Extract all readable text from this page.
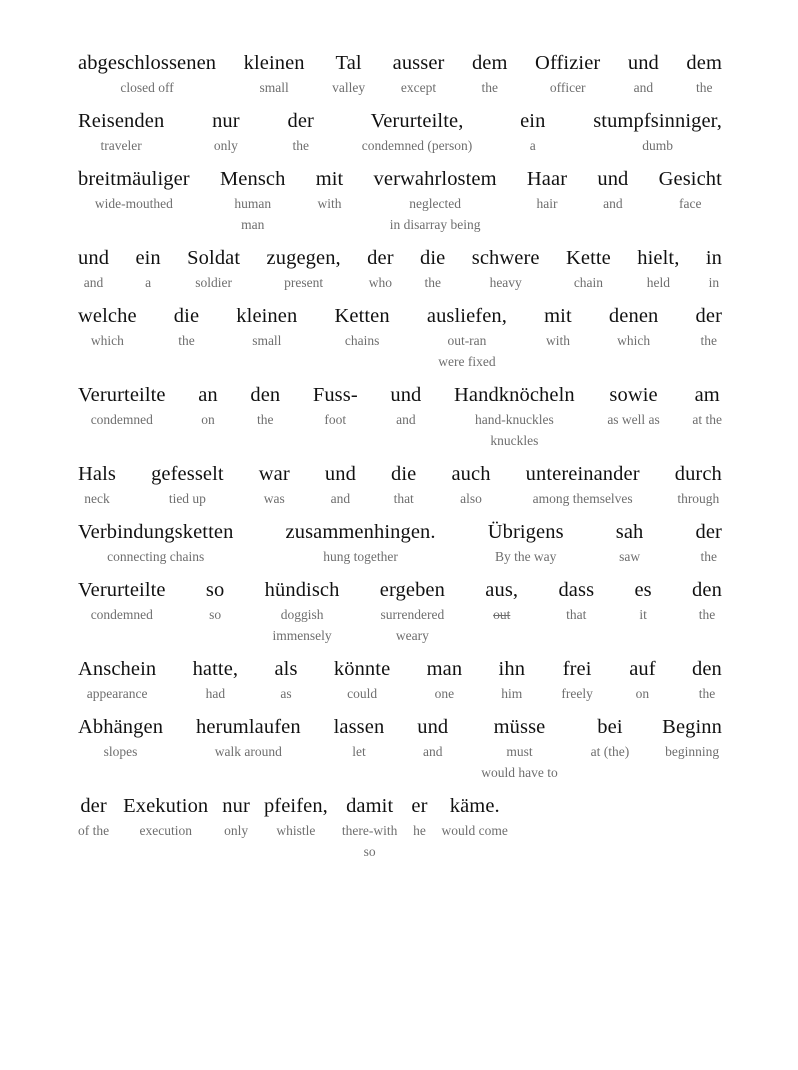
abgeschlossenen
closed off
kleinen
small
Tal
valley
ausser
except
dem
the
Offizier
officer
und
and
dem
the
Reisenden
traveler
nur
only
der
the
Verurteilte,
condemned (person)
ein
a
stumpfsinniger,
dumb
breitmäuliger
wide-mouthed
Mensch
human
man
mit
with
verwahrlostem
neglected
in disarray being
Haar
hair
und
and
Gesicht
face
und
and
ein
a
Soldat
soldier
zugegen,
present
der
who
die
the
schwere
heavy
Kette
chain
hielt,
held
in
in
welche
which
die
the
kleinen
small
Ketten
chains
ausliefen,
out-ran
were fixed
mit
with
denen
which
der
the
Verurteilte
condemned
an
on
den
the
Fuss-
foot
und
and
Handknöcheln
hand-knuckles
knuckles
sowie
as well as
am
at the
Hals
neck
gefesselt
tied up
war
was
und
and
die
that
auch
also
untereinander
among themselves
durch
through
Verbindungsketten
connecting chains
zusammenhingen.
hung together
Übrigens
By the way
sah
saw
der
the
Verurteilte
condemned
so
so
hündisch
doggish
immensely
ergeben
surrendered
weary
aus,
out
dass
that
es
it
den
the
Anschein
appearance
hatte,
had
als
as
könnte
could
man
one
ihn
him
frei
freely
auf
on
den
the
Abhängen
slopes
herumlaufen
walk around
lassen
let
und
and
müsse
must
would have to
bei
at (the)
Beginn
beginning
der
of the
Exekution
execution
nur
only
pfeifen,
whistle
damit
there-with
so
er
he
käme.
would come
